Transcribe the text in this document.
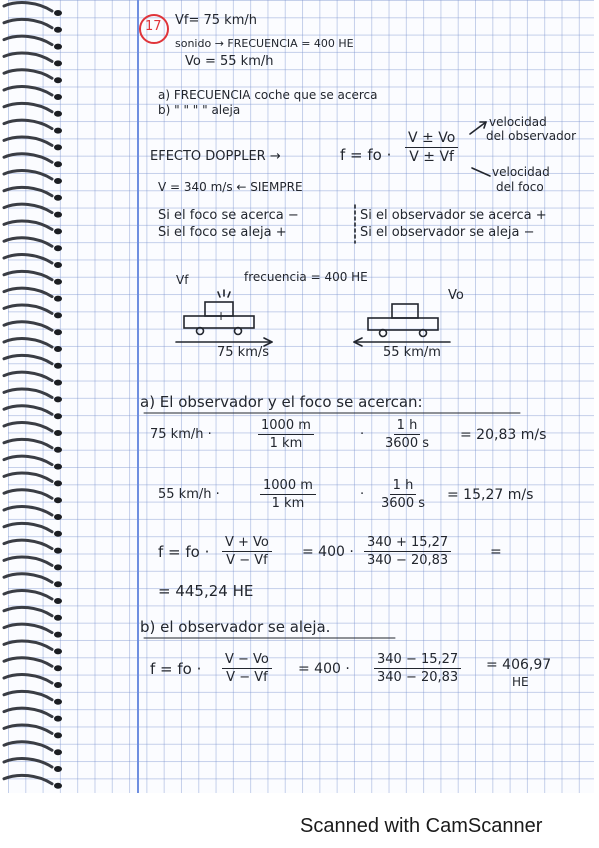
17 Vf= 75 km/h
sonido → FRECUENCIA = 400 HE
Vo = 55 km/h
a) FRECUENCIA coche que se acerca
b) " " " " aleja
EFECTO DOPPLER →	f = fo · $\frac{V \pm Vo}{V \pm Vf}$
velocidad
del observador
velocidad
del foco
V = 340 m/s ← SIEMPRE
Si el foco se acerca −	Si el observador se acerca +
Si el foco se aleja +	Si el observador se aleja −
Vf	frecuencia = 400 HE
Vo
75 km/s	55 km/m
+
a) El observador y el foco se acercan:
75 km/h ·	$\frac{1000 m}{1 km}$	· $\frac{1 h}{3600 s} = 20,83$ m/s
55 km/h ·	$\frac{1000 m}{1 km}$	· $\frac{1 h}{3600 s} = 15,27$ m/s
f = fo · $\frac{V + Vo}{V - Vf} = 400 \cdot \frac{340 + 15,27}{340 - 20,83}$	=
= 445,24 HE
b) el observador se aleja.
f = fo · $\frac{V - Vo}{V - Vf} = 400 \cdot \frac{340 - 15,27}{340 - 20,83} = 406,97$
HE
Scanned with CamScanner
